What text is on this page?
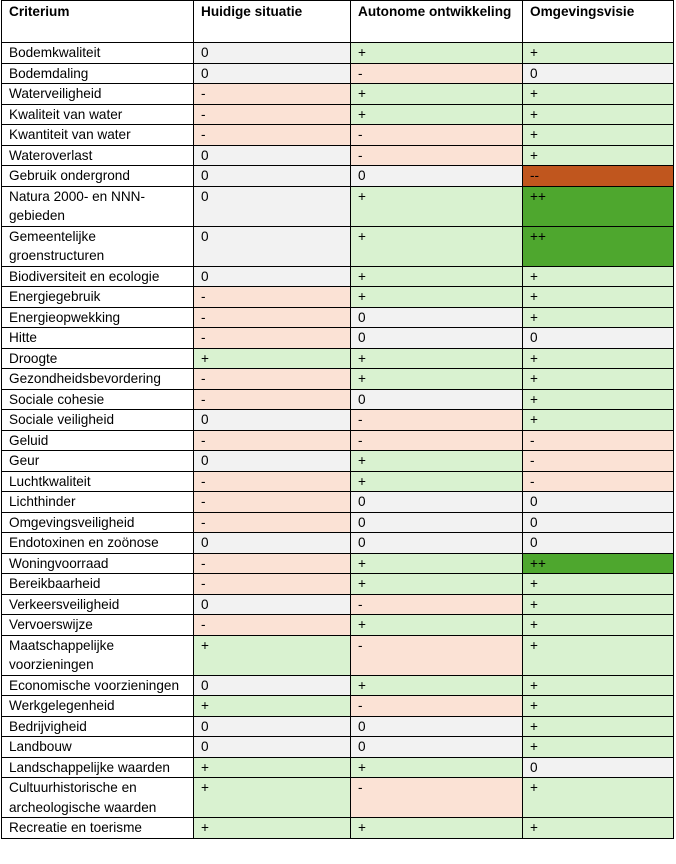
Criterium	Huidige situatie	Autonome ontwikkeling	Omgevingsvisie
Bodemkwaliteit	0	+	+
Bodemdaling	0	-	0
Waterveiligheid	-	+	+
Kwaliteit van water	-	+	+
Kwantiteit van water	-	-	+
Wateroverlast	0	-	+
Gebruik ondergrond	0	0	--
Natura 2000- en NNN-gebieden	0	+	++
Gemeentelijke groenstructuren	0	+	++
Biodiversiteit en ecologie	0	+	+
Energiegebruik	-	+	+
Energieopwekking	-	0	+
Hitte	-	0	0
Droogte	+	+	+
Gezondheidsbevordering	-	+	+
Sociale cohesie	-	0	+
Sociale veiligheid	0	-	+
Geluid	-	-	-
Geur	0	+	-
Luchtkwaliteit	-	+	-
Lichthinder	-	0	0
Omgevingsveiligheid	-	0	0
Endotoxinen en zoönose	0	0	0
Woningvoorraad	-	+	++
Bereikbaarheid	-	+	+
Verkeersveiligheid	0	-	+
Vervoerswijze	-	+	+
Maatschappelijke voorzieningen	+	-	+
Economische voorzieningen	0	+	+
Werkgelegenheid	+	-	+
Bedrijvigheid	0	0	+
Landbouw	0	0	+
Landschappelijke waarden	+	+	0
Cultuurhistorische en archeologische waarden	+	-	+
Recreatie en toerisme	+	+	+
